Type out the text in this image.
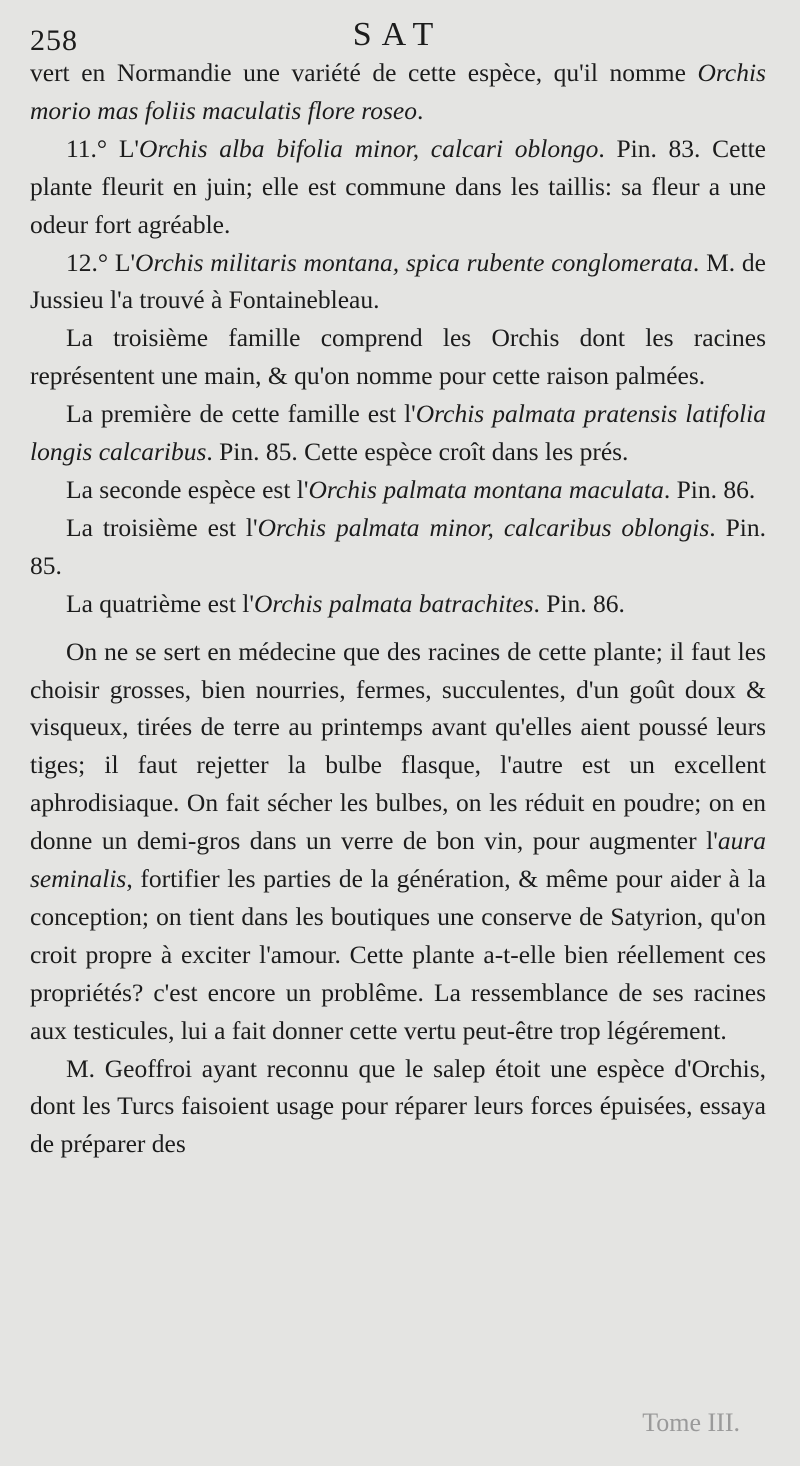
258	SAT

vert en Normandie une variété de cette espèce, qu'il nomme Orchis morio mas foliis maculatis flore roseo.

11.° L'Orchis alba bifolia minor, calcari oblongo. Pin. 83. Cette plante fleurit en juin; elle est commune dans les taillis: sa fleur a une odeur fort agréable.

12.° L'Orchis militaris montana, spica rubente conglomerata. M. de Jussieu l'a trouvé à Fontainebleau.

La troisième famille comprend les Orchis dont les racines représentent une main, & qu'on nomme pour cette raison palmées.

La première de cette famille est l'Orchis palmata pratensis latifolia longis calcaribus. Pin. 85. Cette espèce croît dans les prés.

La seconde espèce est l'Orchis palmata montana maculata. Pin. 86.

La troisième est l'Orchis palmata minor, calcaribus oblongis. Pin. 85.

La quatrième est l'Orchis palmata batrachites. Pin. 86.

On ne se sert en médecine que des racines de cette plante; il faut les choisir grosses, bien nourries, fermes, succulentes, d'un goût doux & visqueux, tirées de terre au printemps avant qu'elles aient poussé leurs tiges; il faut rejetter la bulbe flasque, l'autre est un excellent aphrodisiaque. On fait sécher les bulbes, on les réduit en poudre; on en donne un demi-gros dans un verre de bon vin, pour augmenter l'aura seminalis, fortifier les parties de la génération, & même pour aider à la conception; on tient dans les boutiques une conserve de Satyrion, qu'on croit propre à exciter l'amour. Cette plante a-t-elle bien réellement ces propriétés? c'est encore un problême. La ressemblance de ses racines aux testicules, lui a fait donner cette vertu peut-être trop légérement.

M. Geoffroi ayant reconnu que le salep étoit une espèce d'Orchis, dont les Turcs faisoient usage pour réparer leurs forces épuisées, essaya de préparer des

Tome III.
